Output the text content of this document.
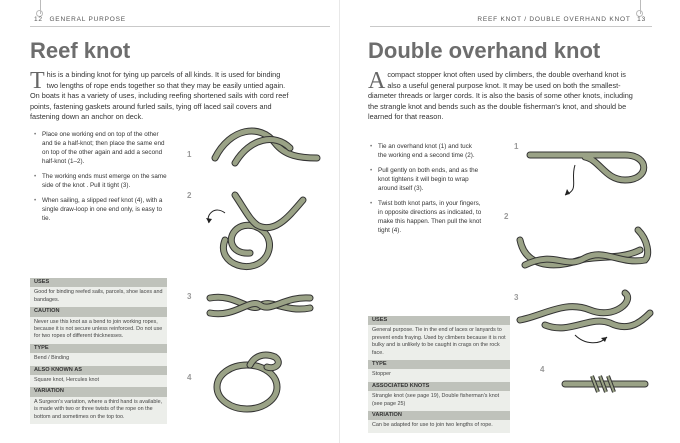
12 GENERAL PURPOSE
Reef knot

This is a binding knot for tying up parcels of all kinds. It is used for binding two lengths of rope ends together so that they may be easily untied again. On boats it has a variety of uses, including reefing shortened sails with cord reef points, fastening gaskets around furled sails, tying off laced sail covers and fastening down an anchor on deck.

• Place one working end on top of the other and tie a half-knot; then place the same end on top of the other again and add a second half-knot (1–2).
• The working ends must emerge on the same side of the knot . Pull it tight (3).
• When sailing, a slipped reef knot (4), with a single draw-loop in one end only, is easy to tie.
USES
Good for binding reefed sails, parcels, shoe laces and bandages.
CAUTION
Never use this knot as a bend to join working ropes, because it is not secure unless reinforced. Do not use for two ropes of different thicknesses.
TYPE
Bend / Binding
ALSO KNOWN AS
Square knot, Hercules knot
VARIATION
A Surgeon's variation, where a third hand is available, is made with two or three twists of the rope on the bottom and sometimes on the top too.
1
2
3
4
REEF KNOT / DOUBLE OVERHAND KNOT 13
Double overhand knot

Acompact stopper knot often used by climbers, the double overhand knot is also a useful general purpose knot. It may be used on both the smallest-diameter threads or larger cords. It is also the basis of some other knots, including the strangle knot and bends such as the double fisherman's knot, and should be learned for that reason.

• Tie an overhand knot (1) and tuck the working end a second time (2).
• Pull gently on both ends, and as the knot tightens it will begin to wrap around itself (3).
• Twist both knot parts, in your fingers, in opposite directions as indicated, to make this happen. Then pull the knot tight (4).
USES
General purpose. Tie in the end of laces or lanyards to prevent ends fraying. Used by climbers because it is not bulky and is unlikely to be caught in crags on the rock face.
TYPE
Stopper
ASSOCIATED KNOTS
Strangle knot (see page 19), Double fisherman's knot (see page 25)
VARIATION
Can be adapted for use to join two lengths of rope.
1
2
3
4
